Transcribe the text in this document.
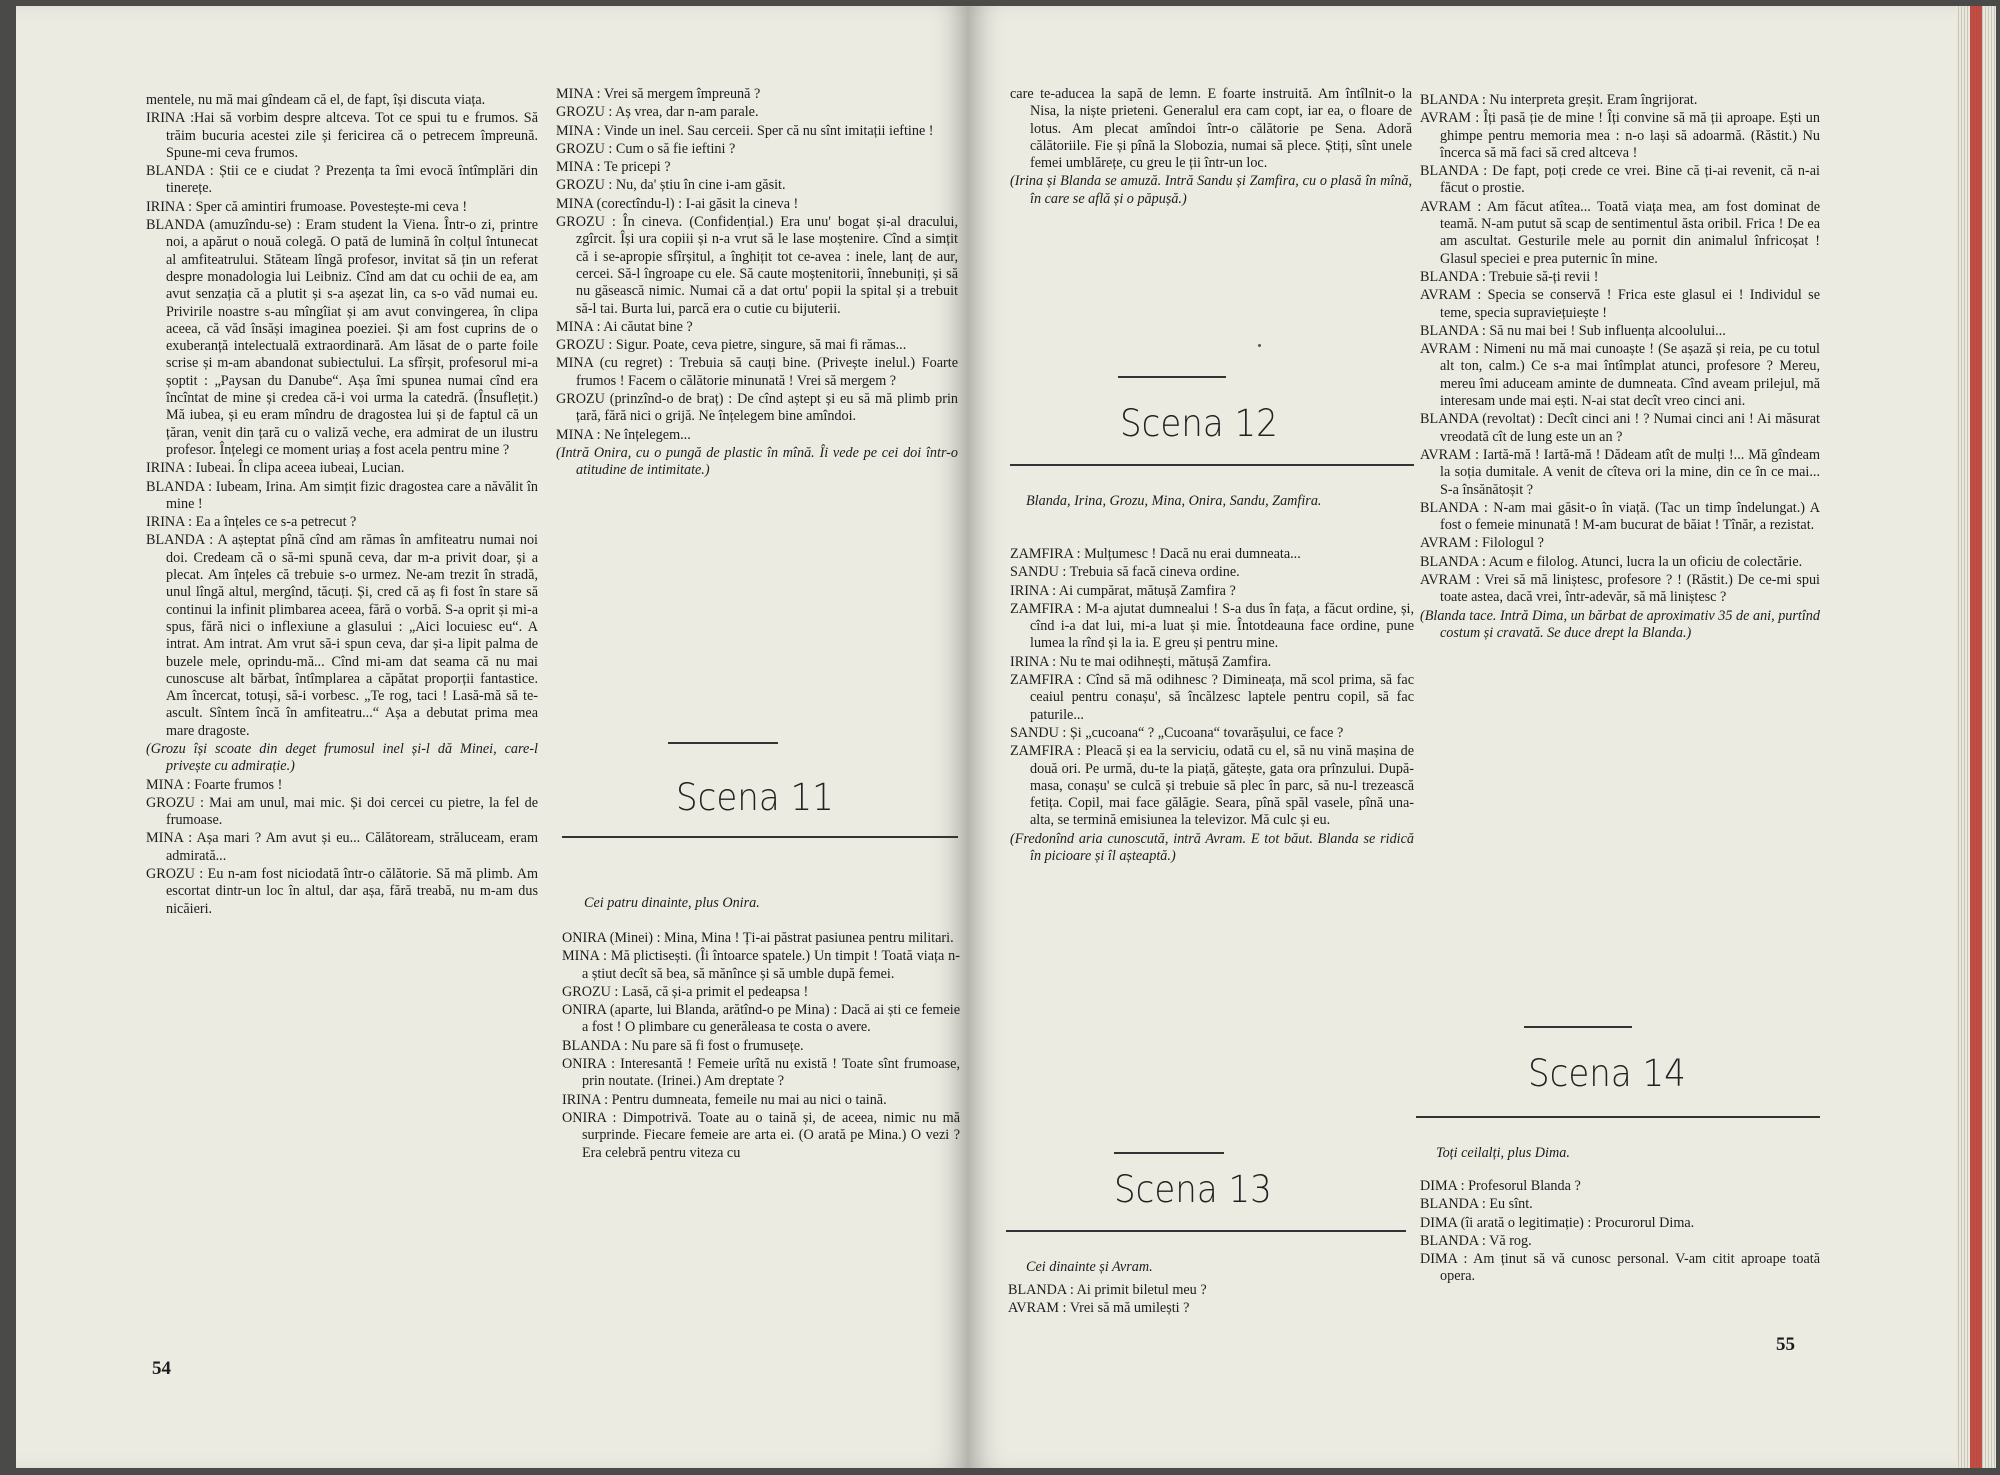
mentele, nu mă mai gîndeam că el, de fapt, își discuta viața.

IRINA :Hai să vorbim despre altceva. Tot ce spui tu e frumos. Să trăim bucuria acestei zile și fericirea că o petrecem împreună. Spune-mi ceva frumos.

BLANDA : Știi ce e ciudat ? Prezența ta îmi evocă întîmplări din tinerețe.

IRINA : Sper că amintiri frumoase. Povestește-mi ceva !

BLANDA (amuzîndu-se) : Eram student la Viena. Într-o zi, printre noi, a apărut o nouă colegă. O pată de lumină în colțul întunecat al amfiteatrului. Stăteam lîngă profesor, invitat să țin un referat despre monadologia lui Leibniz. Cînd am dat cu ochii de ea, am avut senzația că a plutit și s-a așezat lin, ca s-o văd numai eu. Privirile noastre s-au mîngîiat și am avut convingerea, în clipa aceea, că văd însăși imaginea poeziei. Și am fost cuprins de o exuberanță intelectuală extraordinară. Am lăsat de o parte foile scrise și m-am abandonat subiectului. La sfîrșit, profesorul mi-a șoptit : „Paysan du Danube“. Așa îmi spunea numai cînd era încîntat de mine și credea că-i voi urma la catedră. (Însuflețit.) Mă iubea, și eu eram mîndru de dragostea lui și de faptul că un țăran, venit din țară cu o valiză veche, era admirat de un ilustru profesor. Înțelegi ce moment uriaș a fost acela pentru mine ?

IRINA : Iubeai. În clipa aceea iubeai, Lucian.

BLANDA : Iubeam, Irina. Am simțit fizic dragostea care a năvălit în mine !

IRINA : Ea a înțeles ce s-a petrecut ?

BLANDA : A așteptat pînă cînd am rămas în amfiteatru numai noi doi. Credeam că o să-mi spună ceva, dar m-a privit doar, și a plecat. Am înțeles că trebuie s-o urmez. Ne-am trezit în stradă, unul lîngă altul, mergînd, tăcuți. Și, cred că aș fi fost în stare să continui la infinit plimbarea aceea, fără o vorbă. S-a oprit și mi-a spus, fără nici o inflexiune a glasului : „Aici locuiesc eu“. A intrat. Am intrat. Am vrut să-i spun ceva, dar și-a lipit palma de buzele mele, oprindu-mă... Cînd mi-am dat seama că nu mai cunoscuse alt bărbat, întîmplarea a căpătat proporții fantastice. Am încercat, totuși, să-i vorbesc. „Te rog, taci ! Lasă-mă să te-ascult. Sîntem încă în amfiteatru...“ Așa a debutat prima mea mare dragoste.

(Grozu își scoate din deget frumosul inel și-l dă Minei, care-l privește cu admirație.)

MINA : Foarte frumos !

GROZU : Mai am unul, mai mic. Și doi cercei cu pietre, la fel de frumoase.

MINA : Așa mari ? Am avut și eu... Călătoream, străluceam, eram admirată...

GROZU : Eu n-am fost niciodată într-o călătorie. Să mă plimb. Am escortat dintr-un loc în altul, dar așa, fără treabă, nu m-am dus nicăieri.

MINA : Vrei să mergem împreună ?

GROZU : Aș vrea, dar n-am parale.

MINA : Vinde un inel. Sau cerceii. Sper că nu sînt imitații ieftine !

GROZU : Cum o să fie ieftini ?

MINA : Te pricepi ?

GROZU : Nu, da' știu în cine i-am găsit.

MINA (corectîndu-l) : I-ai găsit la cineva !

GROZU : În cineva. (Confidențial.) Era unu' bogat și-al dracului, zgîrcit. Își ura copiii și n-a vrut să le lase moștenire. Cînd a simțit că i se-apropie sfîrșitul, a înghițit tot ce-avea : inele, lanț de aur, cercei. Să-l îngroape cu ele. Să caute moștenitorii, înnebuniți, și să nu găsească nimic. Numai că a dat ortu' popii la spital și a trebuit să-l tai. Burta lui, parcă era o cutie cu bijuterii.

MINA : Ai căutat bine ?

GROZU : Sigur. Poate, ceva pietre, singure, să mai fi rămas...

MINA (cu regret) : Trebuia să cauți bine. (Privește inelul.) Foarte frumos ! Facem o călătorie minunată ! Vrei să mergem ?

GROZU (prinzînd-o de braț) : De cînd aștept și eu să mă plimb prin țară, fără nici o grijă. Ne înțelegem bine amîndoi.

MINA : Ne înțelegem...

(Intră Onira, cu o pungă de plastic în mînă. Îi vede pe cei doi într-o atitudine de intimitate.)

Scena 11
Cei patru dinainte, plus Onira.

ONIRA (Minei) : Mina, Mina ! Ți-ai păstrat pasiunea pentru militari.

MINA : Mă plictisești. (Îi întoarce spatele.) Un timpit ! Toată viața n-a știut decît să bea, să mănînce și să umble după femei.

GROZU : Lasă, că și-a primit el pedeapsa !

ONIRA (aparte, lui Blanda, arătînd-o pe Mina) : Dacă ai ști ce femeie a fost ! O plimbare cu generăleasa te costa o avere.

BLANDA : Nu pare să fi fost o frumusețe.

ONIRA : Interesantă ! Femeie urîtă nu există ! Toate sînt frumoase, prin noutate. (Irinei.) Am dreptate ?

IRINA : Pentru dumneata, femeile nu mai au nici o taină.

ONIRA : Dimpotrivă. Toate au o taină și, de aceea, nimic nu mă surprinde. Fiecare femeie are arta ei. (O arată pe Mina.) O vezi ? Era celebră pentru viteza cu

54

care te-aducea la sapă de lemn. E foarte instruită. Am întîlnit-o la Nisa, la niște prieteni. Generalul era cam copt, iar ea, o floare de lotus. Am plecat amîndoi într-o călătorie pe Sena. Adoră călătoriile. Fie și pînă la Slobozia, numai să plece. Știți, sînt unele femei umblărețe, cu greu le ții într-un loc.

(Irina și Blanda se amuză. Intră Sandu și Zamfira, cu o plasă în mînă, în care se află și o păpușă.)

Scena 12
Blanda, Irina, Grozu, Mina, Onira, Sandu, Zamfira.

ZAMFIRA : Mulțumesc ! Dacă nu erai dumneata...

SANDU : Trebuia să facă cineva ordine.

IRINA : Ai cumpărat, mătușă Zamfira ?

ZAMFIRA : M-a ajutat dumnealui ! S-a dus în fața, a făcut ordine, și, cînd i-a dat lui, mi-a luat și mie. Întotdeauna face ordine, pune lumea la rînd și la ia. E greu și pentru mine.

IRINA : Nu te mai odihnești, mătușă Zamfira.

ZAMFIRA : Cînd să mă odihnesc ? Dimineața, mă scol prima, să fac ceaiul pentru conașu', să încălzesc laptele pentru copil, să fac paturile...

SANDU : Și „cucoana“ ? „Cucoana“ tovarășului, ce face ?

ZAMFIRA : Pleacă și ea la serviciu, odată cu el, să nu vină mașina de două ori. Pe urmă, du-te la piață, gătește, gata ora prînzului. După-masa, conașu' se culcă și trebuie să plec în parc, să nu-l trezească fetița. Copil, mai face gălăgie. Seara, pînă spăl vasele, pînă una-alta, se termină emisiunea la televizor. Mă culc și eu.

(Fredonînd aria cunoscută, intră Avram. E tot băut. Blanda se ridică în picioare și îl așteaptă.)

Scena 13
Cei dinainte și Avram.

BLANDA : Ai primit biletul meu ?

AVRAM : Vrei să mă umilești ?

BLANDA : Nu interpreta greșit. Eram îngrijorat.

AVRAM : Îți pasă ție de mine ! Îți convine să mă ții aproape. Ești un ghimpe pentru memoria mea : n-o lași să adoarmă. (Răstit.) Nu încerca să mă faci să cred altceva !

BLANDA : De fapt, poți crede ce vrei. Bine că ți-ai revenit, că n-ai făcut o prostie.

AVRAM : Am făcut atîtea... Toată viața mea, am fost dominat de teamă. N-am putut să scap de sentimentul ăsta oribil. Frica ! De ea am ascultat. Gesturile mele au pornit din animalul înfricoșat ! Glasul speciei e prea puternic în mine.

BLANDA : Trebuie să-ți revii !

AVRAM : Specia se conservă ! Frica este glasul ei ! Individul se teme, specia supraviețuiește !

BLANDA : Să nu mai bei ! Sub influența alcoolului...

AVRAM : Nimeni nu mă mai cunoaște ! (Se așază și reia, pe cu totul alt ton, calm.) Ce s-a mai întîmplat atunci, profesore ? Mereu, mereu îmi aduceam aminte de dumneata. Cînd aveam prilejul, mă interesam unde mai ești. N-ai stat decît vreo cinci ani.

BLANDA (revoltat) : Decît cinci ani ! ? Numai cinci ani ! Ai măsurat vreodată cît de lung este un an ?

AVRAM : Iartă-mă ! Iartă-mă ! Dădeam atît de mulți !... Mă gîndeam la soția dumitale. A venit de cîteva ori la mine, din ce în ce mai... S-a însănătoșit ?

BLANDA : N-am mai găsit-o în viață. (Tac un timp îndelungat.) A fost o femeie minunată ! M-am bucurat de băiat ! Tînăr, a rezistat.

AVRAM : Filologul ?

BLANDA : Acum e filolog. Atunci, lucra la un oficiu de colectărie.

AVRAM : Vrei să mă liniștesc, profesore ? ! (Răstit.) De ce-mi spui toate astea, dacă vrei, într-adevăr, să mă liniștesc ?

(Blanda tace. Intră Dima, un bărbat de aproximativ 35 de ani, purtînd costum și cravată. Se duce drept la Blanda.)

Scena 14
Toți ceilalți, plus Dima.

DIMA : Profesorul Blanda ?

BLANDA : Eu sînt.

DIMA (îi arată o legitimație) : Procurorul Dima.

BLANDA : Vă rog.

DIMA : Am ținut să vă cunosc personal. V-am citit aproape toată opera.

55
